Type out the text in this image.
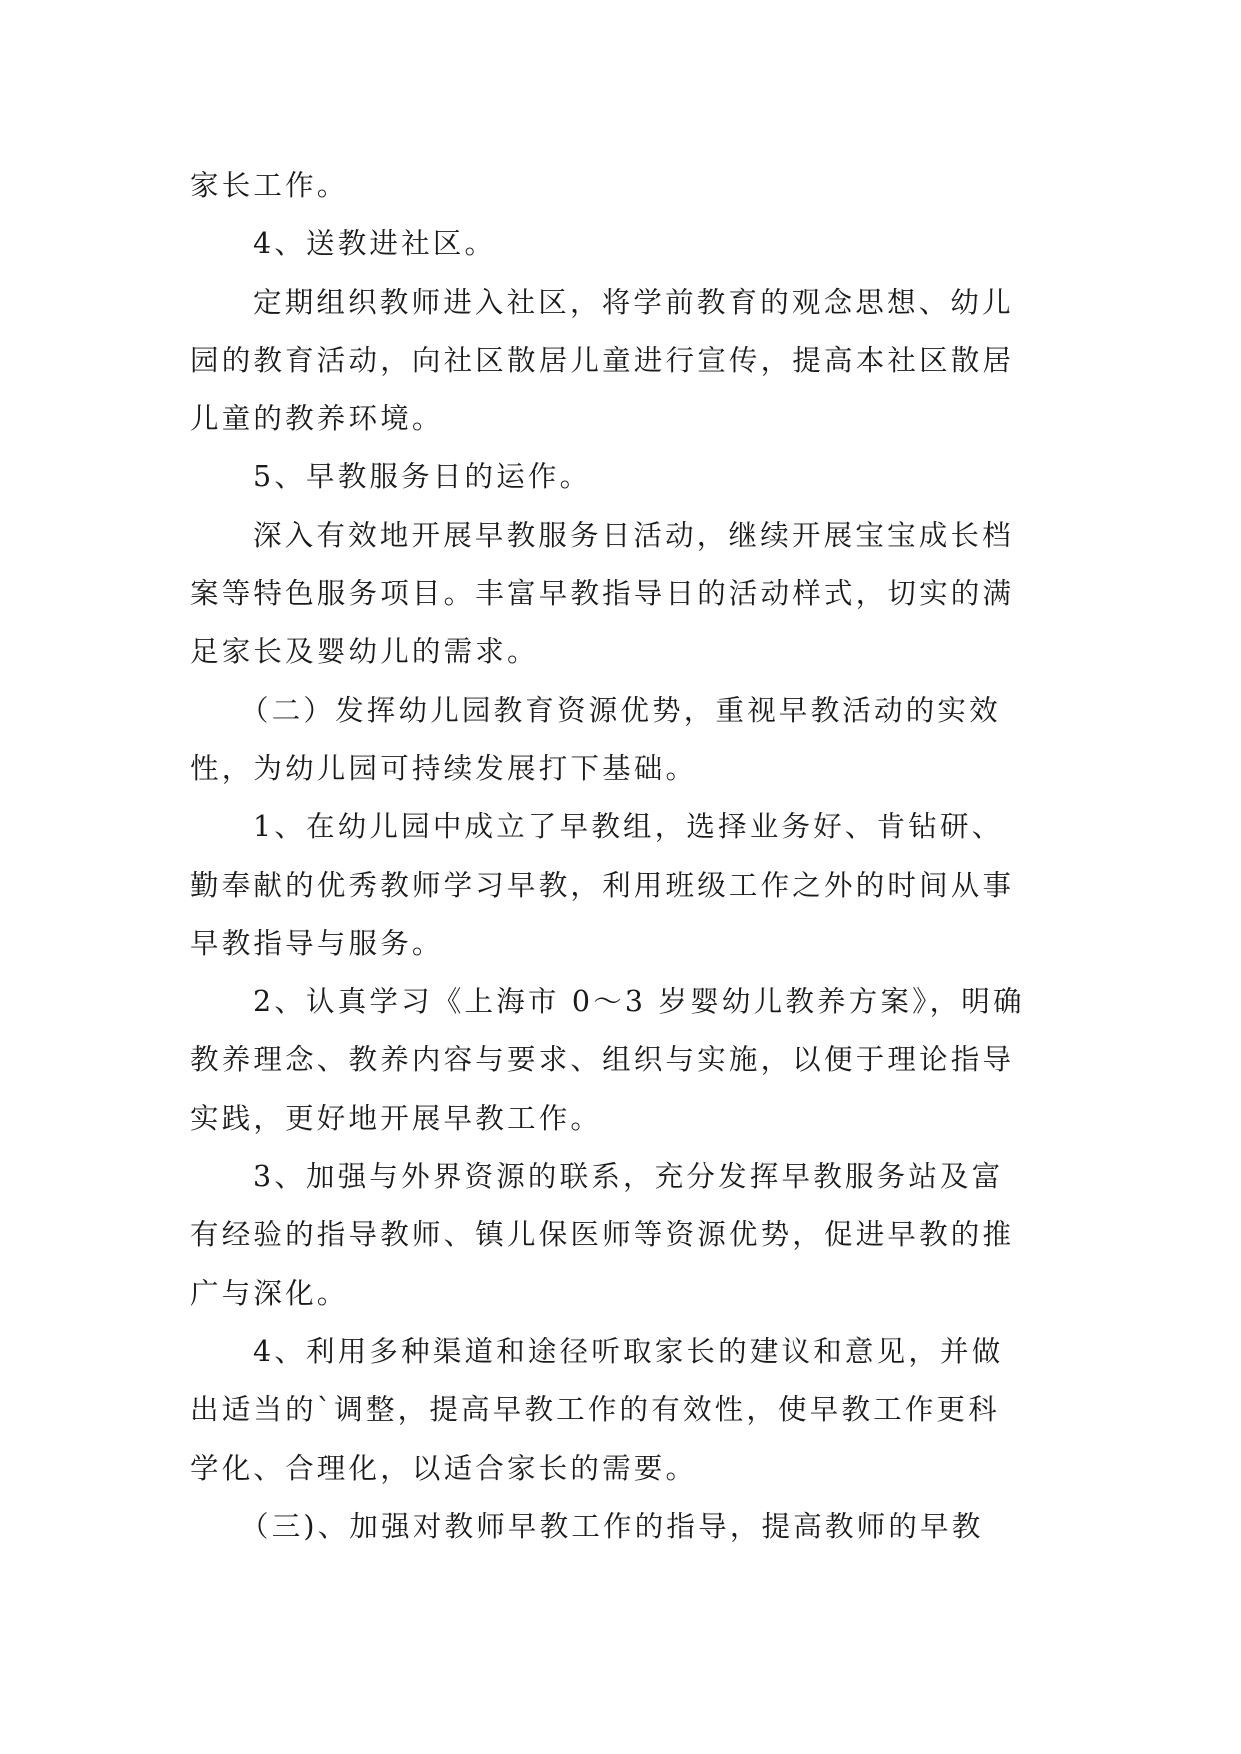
家长工作。
4、送教进社区。
定期组织教师进入社区，将学前教育的观念思想、幼儿
园的教育活动，向社区散居儿童进行宣传，提高本社区散居
儿童的教养环境。
5、早教服务日的运作。
深入有效地开展早教服务日活动，继续开展宝宝成长档
案等特色服务项目。丰富早教指导日的活动样式，切实的满
足家长及婴幼儿的需求。
（二）发挥幼儿园教育资源优势，重视早教活动的实效
性，为幼儿园可持续发展打下基础。
1、在幼儿园中成立了早教组，选择业务好、肯钻研、
勤奉献的优秀教师学习早教，利用班级工作之外的时间从事
早教指导与服务。
2、认真学习《上海市 0～3 岁婴幼儿教养方案》，明确
教养理念、教养内容与要求、组织与实施，以便于理论指导
实践，更好地开展早教工作。
3、加强与外界资源的联系，充分发挥早教服务站及富
有经验的指导教师、镇儿保医师等资源优势，促进早教的推
广与深化。
4、利用多种渠道和途径听取家长的建议和意见，并做
出适当的`调整，提高早教工作的有效性，使早教工作更科
学化、合理化，以适合家长的需要。
（三)、加强对教师早教工作的指导，提高教师的早教
